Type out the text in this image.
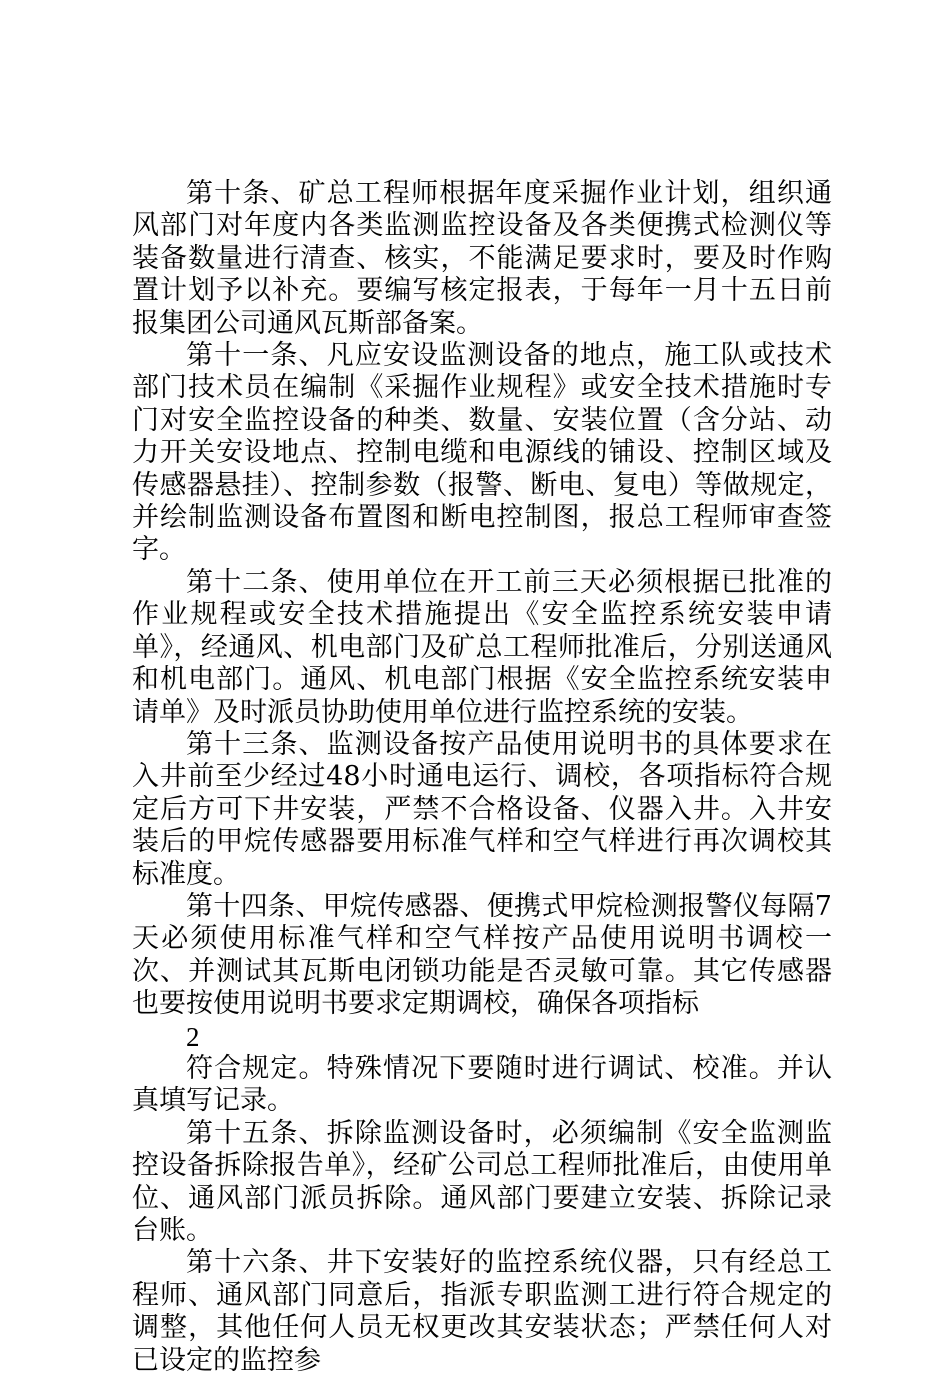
第十条、矿总工程师根据年度采掘作业计划，组织通风部门对年度内各类监测监控设备及各类便携式检测仪等装备数量进行清查、核实，不能满足要求时，要及时作购置计划予以补充。要编写核定报表，于每年一月十五日前报集团公司通风瓦斯部备案。

第十一条、凡应安设监测设备的地点，施工队或技术部门技术员在编制《采掘作业规程》或安全技术措施时专门对安全监控设备的种类、数量、安装位置（含分站、动力开关安设地点、控制电缆和电源线的铺设、控制区域及传感器悬挂）、控制参数（报警、断电、复电）等做规定，并绘制监测设备布置图和断电控制图，报总工程师审查签字。

第十二条、使用单位在开工前三天必须根据已批准的作业规程或安全技术措施提出《安全监控系统安装申请单》，经通风、机电部门及矿总工程师批准后，分别送通风和机电部门。通风、机电部门根据《安全监控系统安装申请单》及时派员协助使用单位进行监控系统的安装。

第十三条、监测设备按产品使用说明书的具体要求在入井前至少经过48小时通电运行、调校，各项指标符合规定后方可下井安装，严禁不合格设备、仪器入井。入井安装后的甲烷传感器要用标准气样和空气样进行再次调校其标准度。

第十四条、甲烷传感器、便携式甲烷检测报警仪每隔7天必须使用标准气样和空气样按产品使用说明书调校一次、并测试其瓦斯电闭锁功能是否灵敏可靠。其它传感器也要按使用说明书要求定期调校，确保各项指标

2

符合规定。特殊情况下要随时进行调试、校准。并认真填写记录。

第十五条、拆除监测设备时，必须编制《安全监测监控设备拆除报告单》，经矿公司总工程师批准后，由使用单位、通风部门派员拆除。通风部门要建立安装、拆除记录台账。

第十六条、井下安装好的监控系统仪器，只有经总工程师、通风部门同意后，指派专职监测工进行符合规定的调整，其他任何人员无权更改其安装状态；严禁任何人对已设定的监控参
